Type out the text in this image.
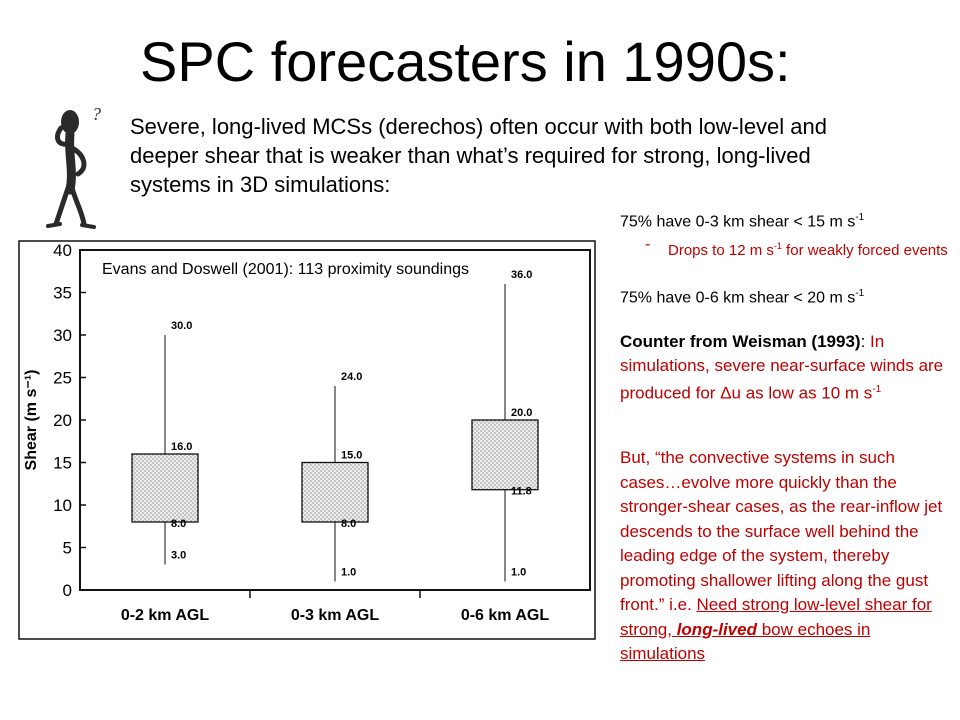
SPC forecasters in 1990s:
? Severe, long-lived MCSs (derechos) often occur with both low-level and deeper shear that is weaker than what’s required for strong, long-lived systems in 3D simulations:
75% have 0-3 km shear < 15 m $s^{-1}$
- Drops to 12 m $s^{-1}$ for weakly forced events
75% have 0-6 km shear < 20 m $s^{-1}$
Counter from Weisman (1993): In simulations, severe near-surface winds are produced for Δu as low as 10 m $s^{-1}$
But, “the convective systems in such cases…evolve more quickly than the stronger-shear cases, as the rear-inflow jet descends to the surface well behind the leading edge of the system, thereby promoting shallower lifting along the gust front.” i.e. Need strong low-level shear for strong, long-lived bow echoes in simulations
0
5
10
15
20
25
30
35
40
Shear (m s⁻¹)
0-2 km AGL	0-3 km AGL	0-6 km AGL
3.0
8.0
16.0
30.0
1.0
8.0
15.0
24.0
1.0
11.8
20.0
36.0
Evans and Doswell (2001): 113 proximity soundings
